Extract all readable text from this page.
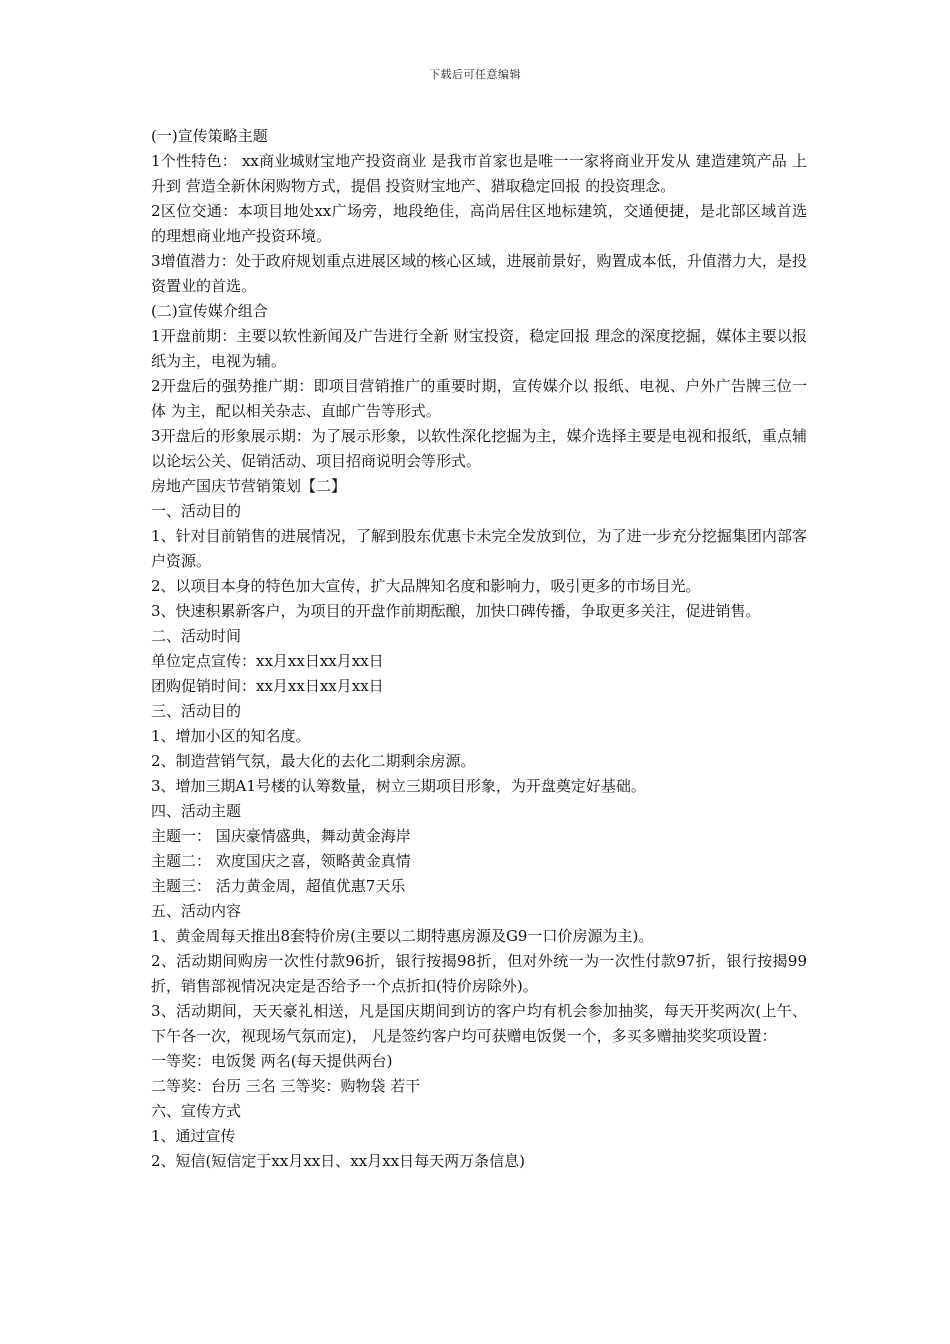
下载后可任意编辑

(一)宣传策略主题

1个性特色： xx商业城财宝地产投资商业 是我市首家也是唯一一家将商业开发从 建造建筑产品 上升到 营造全新休闲购物方式，提倡 投资财宝地产、猎取稳定回报 的投资理念。

2区位交通：本项目地处xx广场旁，地段绝佳，高尚居住区地标建筑，交通便捷，是北部区域首选的理想商业地产投资环境。

3增值潜力：处于政府规划重点进展区域的核心区域，进展前景好，购置成本低，升值潜力大，是投资置业的首选。

(二)宣传媒介组合

1开盘前期：主要以软性新闻及广告进行全新 财宝投资，稳定回报 理念的深度挖掘，媒体主要以报纸为主，电视为辅。

2开盘后的强势推广期：即项目营销推广的重要时期，宣传媒介以 报纸、电视、户外广告牌三位一体 为主，配以相关杂志、直邮广告等形式。

3开盘后的形象展示期：为了展示形象，以软性深化挖掘为主，媒介选择主要是电视和报纸，重点辅以论坛公关、促销活动、项目招商说明会等形式。

房地产国庆节营销策划【二】

一、活动目的

1、针对目前销售的进展情况，了解到股东优惠卡未完全发放到位，为了进一步充分挖掘集团内部客户资源。

2、以项目本身的特色加大宣传，扩大品牌知名度和影响力，吸引更多的市场目光。

3、快速积累新客户，为项目的开盘作前期酝酿，加快口碑传播，争取更多关注，促进销售。

二、活动时间

单位定点宣传：xx月xx日xx月xx日

团购促销时间：xx月xx日xx月xx日

三、活动目的

1、增加小区的知名度。

2、制造营销气氛，最大化的去化二期剩余房源。

3、增加三期A1号楼的认筹数量，树立三期项目形象，为开盘奠定好基础。

四、活动主题

主题一： 国庆豪情盛典，舞动黄金海岸

主题二： 欢度国庆之喜，领略黄金真情

主题三： 活力黄金周，超值优惠7天乐

五、活动内容

1、黄金周每天推出8套特价房(主要以二期特惠房源及G9一口价房源为主)。

2、活动期间购房一次性付款96折，银行按揭98折，但对外统一为一次性付款97折，银行按揭99折，销售部视情况决定是否给予一个点折扣(特价房除外)。

3、活动期间，天天豪礼相送，凡是国庆期间到访的客户均有机会参加抽奖，每天开奖两次(上午、下午各一次，视现场气氛而定)， 凡是签约客户均可获赠电饭煲一个，多买多赠抽奖奖项设置：

一等奖：电饭煲 两名(每天提供两台)

二等奖：台历 三名 三等奖：购物袋 若干

六、宣传方式

1、通过宣传

2、短信(短信定于xx月xx日、xx月xx日每天两万条信息)
